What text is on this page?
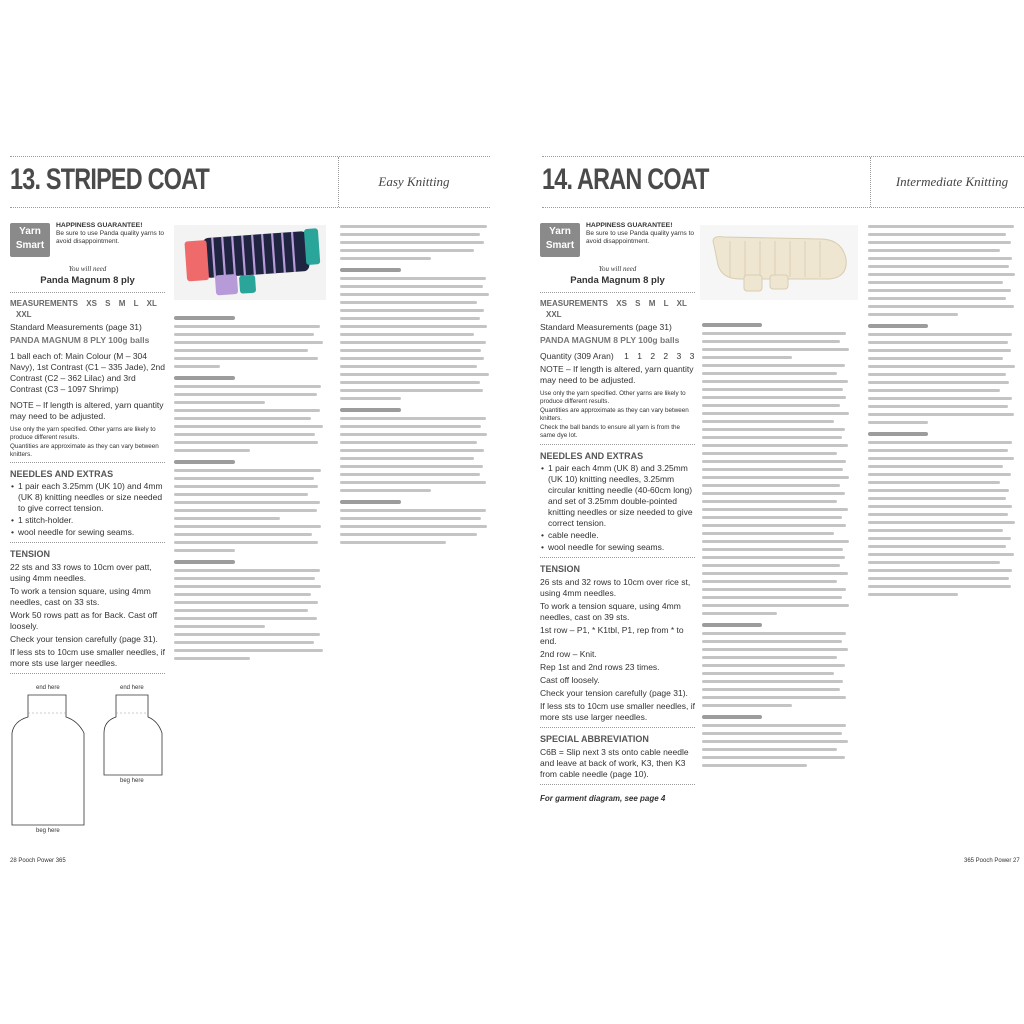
13. STRIPED COAT	Easy Knitting
Yarn
Smart
HAPPINESS GUARANTEE!
Be sure to use Panda quality yarns to avoid disappointment.
You will need
Panda Magnum 8 ply
MEASUREMENTS XS S M L XL XXL
Standard Measurements (page 31)
PANDA MAGNUM 8 PLY 100g balls
1 ball each of: Main Colour (M – 304 Navy), 1st Contrast (C1 – 335 Jade), 2nd Contrast (C2 – 362 Lilac) and 3rd Contrast (C3 – 1097 Shrimp)
NOTE – If length is altered, yarn quantity may need to be adjusted.
Use only the yarn specified. Other yarns are likely to produce different results.
Quantities are approximate as they can vary between knitters.
NEEDLES AND EXTRAS
• 1 pair each 3.25mm (UK 10) and 4mm (UK 8) knitting needles or size needed to give correct tension.
• 1 stitch-holder.
• wool needle for sewing seams.
TENSION
22 sts and 33 rows to 10cm over patt, using 4mm needles.
To work a tension square, using 4mm needles, cast on 33 sts.
Work 50 rows patt as for Back. Cast off loosely.
Check your tension carefully (page 31).
If less sts to 10cm use smaller needles, if more sts use larger needles.
end here	end here
beg here
beg here
28 Pooch Power 365
14. ARAN COAT	Intermediate Knitting
Yarn
Smart
HAPPINESS GUARANTEE!
Be sure to use Panda quality yarns to avoid disappointment.
You will need
Panda Magnum 8 ply
MEASUREMENTS XS S M L XL XXL
Standard Measurements (page 31)
PANDA MAGNUM 8 PLY 100g balls
Quantity (309 Aran) 1 1 2 2 3 3
NOTE – If length is altered, yarn quantity may need to be adjusted.
Use only the yarn specified. Other yarns are likely to produce different results.
Quantities are approximate as they can vary between knitters.
Check the ball bands to ensure all yarn is from the same dye lot.
NEEDLES AND EXTRAS
• 1 pair each 4mm (UK 8) and 3.25mm (UK 10) knitting needles, 3.25mm circular knitting needle (40-60cm long) and set of 3.25mm double-pointed knitting needles or size needed to give correct tension.
• cable needle.
• wool needle for sewing seams.
TENSION
26 sts and 32 rows to 10cm over rice st, using 4mm needles.
To work a tension square, using 4mm needles, cast on 39 sts.
1st row – P1, * K1tbl, P1, rep from * to end.
2nd row – Knit.
Rep 1st and 2nd rows 23 times.
Cast off loosely.
Check your tension carefully (page 31).
If less sts to 10cm use smaller needles, if more sts use larger needles.
SPECIAL ABBREVIATION
C6B = Slip next 3 sts onto cable needle and leave at back of work, K3, then K3 from cable needle (page 10).
For garment diagram, see page 4
365 Pooch Power 27
